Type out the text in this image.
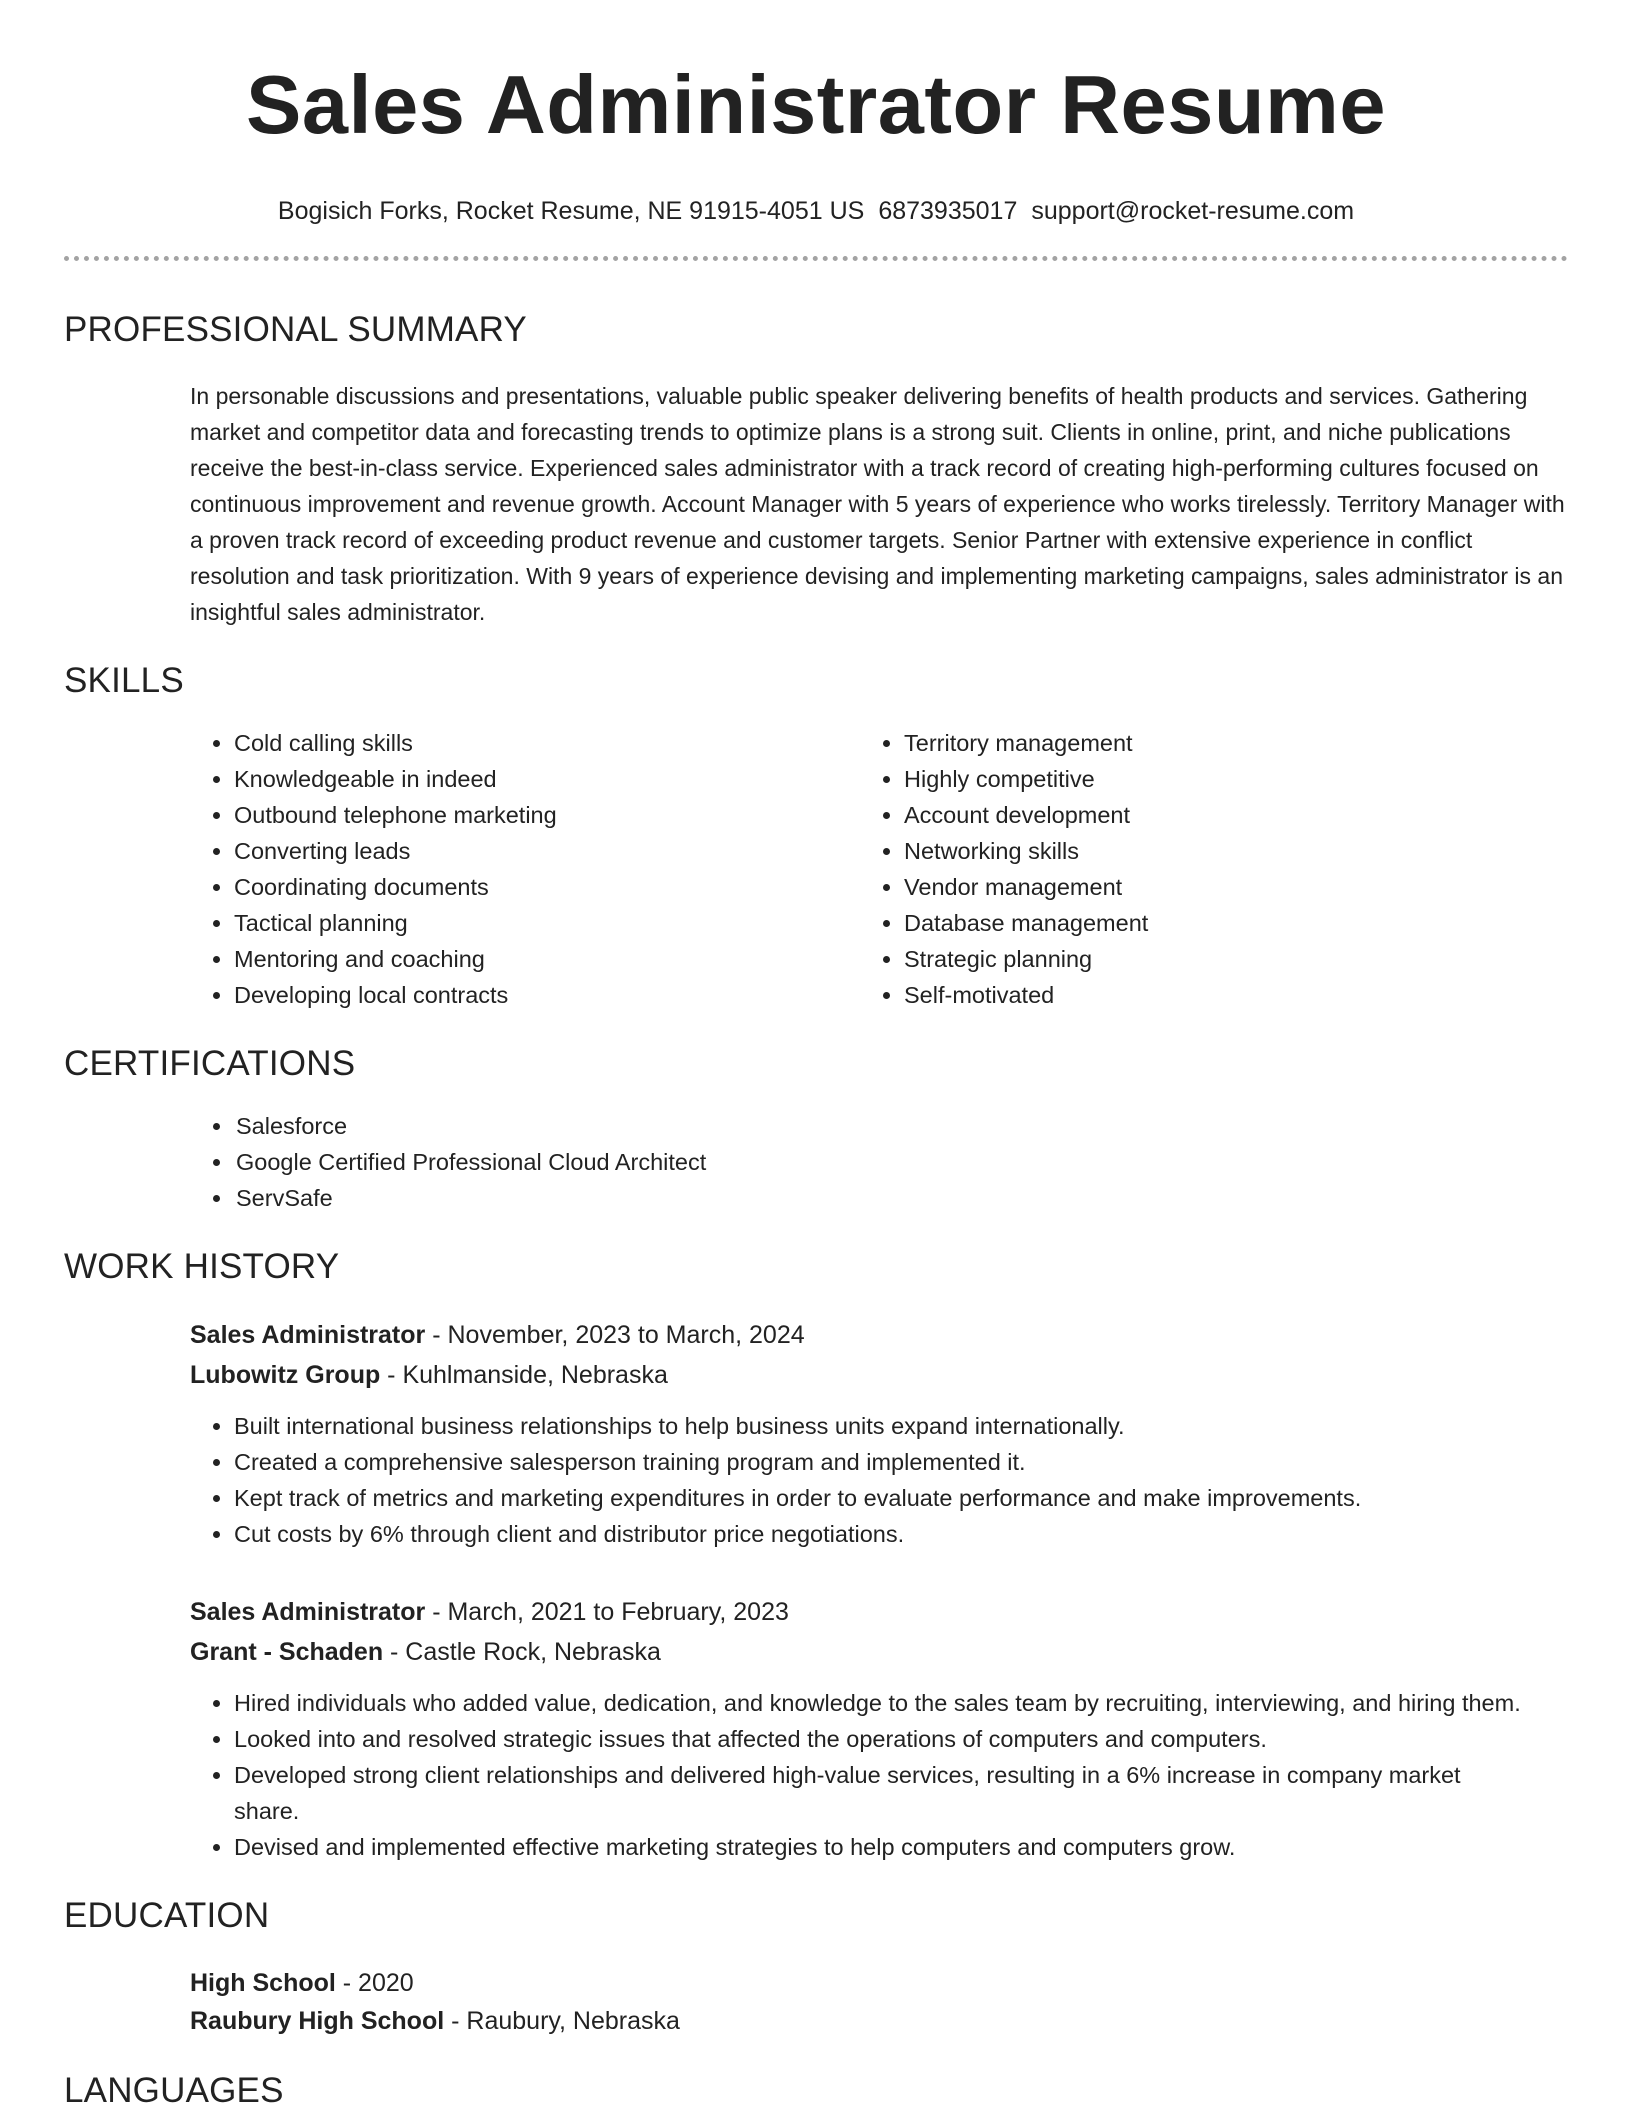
Sales Administrator Resume
Bogisich Forks, Rocket Resume, NE 91915-4051 US 6873935017 support@rocket-resume.com
PROFESSIONAL SUMMARY

In personable discussions and presentations, valuable public speaker delivering benefits of health products and services. Gathering market and competitor data and forecasting trends to optimize plans is a strong suit. Clients in online, print, and niche publications receive the best-in-class service. Experienced sales administrator with a track record of creating high-performing cultures focused on continuous improvement and revenue growth. Account Manager with 5 years of experience who works tirelessly. Territory Manager with a proven track record of exceeding product revenue and customer targets. Senior Partner with extensive experience in conflict resolution and task prioritization. With 9 years of experience devising and implementing marketing campaigns, sales administrator is an insightful sales administrator.

SKILLS
• Cold calling skills
• Knowledgeable in indeed
• Outbound telephone marketing
• Converting leads
• Coordinating documents
• Tactical planning
• Mentoring and coaching
• Developing local contracts
• Territory management
• Highly competitive
• Account development
• Networking skills
• Vendor management
• Database management
• Strategic planning
• Self-motivated
CERTIFICATIONS
• Salesforce
• Google Certified Professional Cloud Architect
• ServSafe
WORK HISTORY
Sales Administrator - November, 2023 to March, 2024
Lubowitz Group - Kuhlmanside, Nebraska
• Built international business relationships to help business units expand internationally.
• Created a comprehensive salesperson training program and implemented it.
• Kept track of metrics and marketing expenditures in order to evaluate performance and make improvements.
• Cut costs by 6% through client and distributor price negotiations.
Sales Administrator - March, 2021 to February, 2023
Grant - Schaden - Castle Rock, Nebraska
• Hired individuals who added value, dedication, and knowledge to the sales team by recruiting, interviewing, and hiring them.
• Looked into and resolved strategic issues that affected the operations of computers and computers.
• Developed strong client relationships and delivered high-value services, resulting in a 6% increase in company market share.
• Devised and implemented effective marketing strategies to help computers and computers grow.
EDUCATION
High School - 2020
Raubury High School - Raubury, Nebraska
LANGUAGES
